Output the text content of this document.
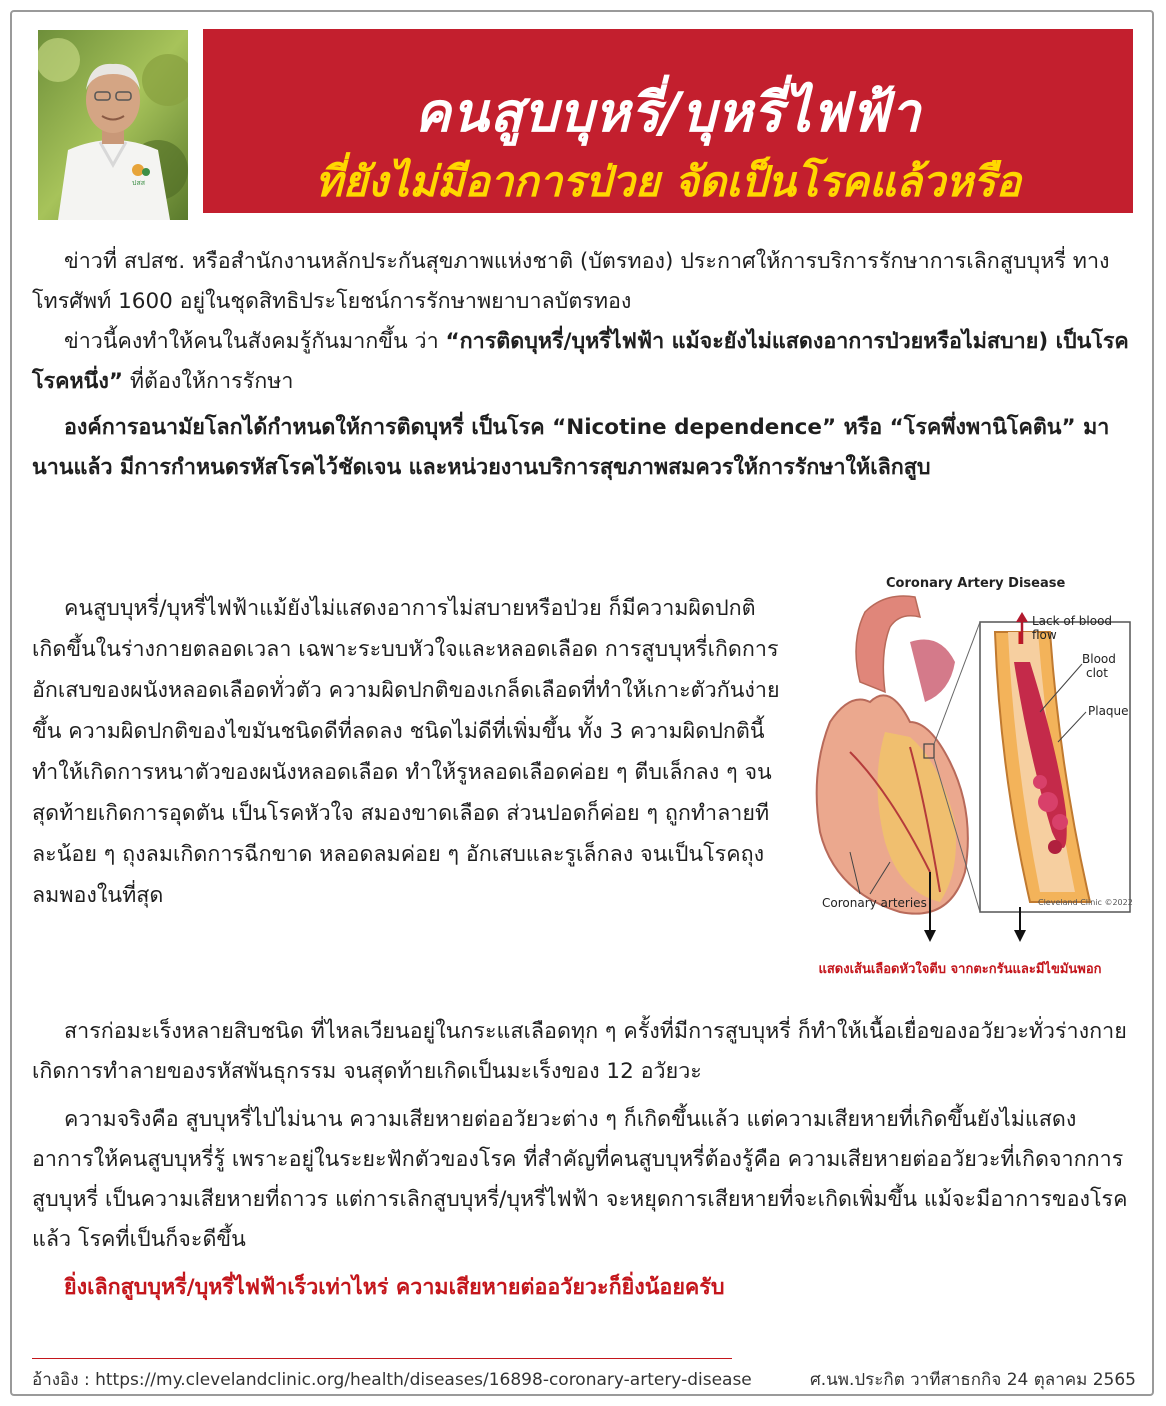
ปสส
คนสูบบุหรี่/บุหรี่ไฟฟ้า
ที่ยังไม่มีอาการป่วย จัดเป็นโรคแล้วหรือ

ข่าวที่ สปสช. หรือสำนักงานหลักประกันสุขภาพแห่งชาติ (บัตรทอง) ประกาศให้การบริการรักษาการเลิกสูบบุหรี่ ทางโทรศัพท์ 1600 อยู่ในชุดสิทธิประโยชน์การรักษาพยาบาลบัตรทอง

ข่าวนี้คงทำให้คนในสังคมรู้กันมากขึ้น ว่า “การติดบุหรี่/บุหรี่ไฟฟ้า แม้จะยังไม่แสดงอาการป่วยหรือไม่สบาย) เป็นโรคโรคหนึ่ง” ที่ต้องให้การรักษา

องค์การอนามัยโลกได้กำหนดให้การติดบุหรี่ เป็นโรค “Nicotine dependence” หรือ “โรคพึ่งพานิโคติน” มานานแล้ว มีการกำหนดรหัสโรคไว้ชัดเจน และหน่วยงานบริการสุขภาพสมควรให้การรักษาให้เลิกสูบ

คนสูบบุหรี่/บุหรี่ไฟฟ้าแม้ยังไม่แสดงอาการไม่สบายหรือป่วย ก็มีความผิดปกติเกิดขึ้นในร่างกายตลอดเวลา เฉพาะระบบหัวใจและหลอดเลือด การสูบบุหรี่เกิดการอักเสบของผนังหลอดเลือดทั่วตัว ความผิดปกติของเกล็ดเลือดที่ทำให้เกาะตัวกันง่ายขึ้น ความผิดปกติของไขมันชนิดดีที่ลดลง ชนิดไม่ดีที่เพิ่มขึ้น ทั้ง 3 ความผิดปกตินี้ ทำให้เกิดการหนาตัวของผนังหลอดเลือด ทำให้รูหลอดเลือดค่อย ๆ ตีบเล็กลง ๆ จนสุดท้ายเกิดการอุดตัน เป็นโรคหัวใจ สมองขาดเลือด ส่วนปอดก็ค่อย ๆ ถูกทำลายทีละน้อย ๆ ถุงลมเกิดการฉีกขาด หลอดลมค่อย ๆ อักเสบและรูเล็กลง จนเป็นโรคถุงลมพองในที่สุด

Coronary Artery Disease
Lack of blood flow
Blood
clot
Plaque
Coronary arteries	Cleveland Clinic ©2022
แสดงเส้นเลือดหัวใจตีบ จากตะกรันและมีไขมันพอก

สารก่อมะเร็งหลายสิบชนิด ที่ไหลเวียนอยู่ในกระแสเลือดทุก ๆ ครั้งที่มีการสูบบุหรี่ ก็ทำให้เนื้อเยื่อของอวัยวะทั่วร่างกาย เกิดการทำลายของรหัสพันธุกรรม จนสุดท้ายเกิดเป็นมะเร็งของ 12 อวัยวะ

ความจริงคือ สูบบุหรี่ไปไม่นาน ความเสียหายต่ออวัยวะต่าง ๆ ก็เกิดขึ้นแล้ว แต่ความเสียหายที่เกิดขึ้นยังไม่แสดงอาการให้คนสูบบุหรี่รู้ เพราะอยู่ในระยะฟักตัวของโรค ที่สำคัญที่คนสูบบุหรี่ต้องรู้คือ ความเสียหายต่ออวัยวะที่เกิดจากการสูบบุหรี่ เป็นความเสียหายที่ถาวร แต่การเลิกสูบบุหรี่/บุหรี่ไฟฟ้า จะหยุดการเสียหายที่จะเกิดเพิ่มขึ้น แม้จะมีอาการของโรคแล้ว โรคที่เป็นก็จะดีขึ้น

ยิ่งเลิกสูบบุหรี่/บุหรี่ไฟฟ้าเร็วเท่าไหร่ ความเสียหายต่ออวัยวะก็ยิ่งน้อยครับ

อ้างอิง : https://my.clevelandclinic.org/health/diseases/16898-coronary-artery-disease	ศ.นพ.ประกิต วาทีสาธกกิจ 24 ตุลาคม 2565
